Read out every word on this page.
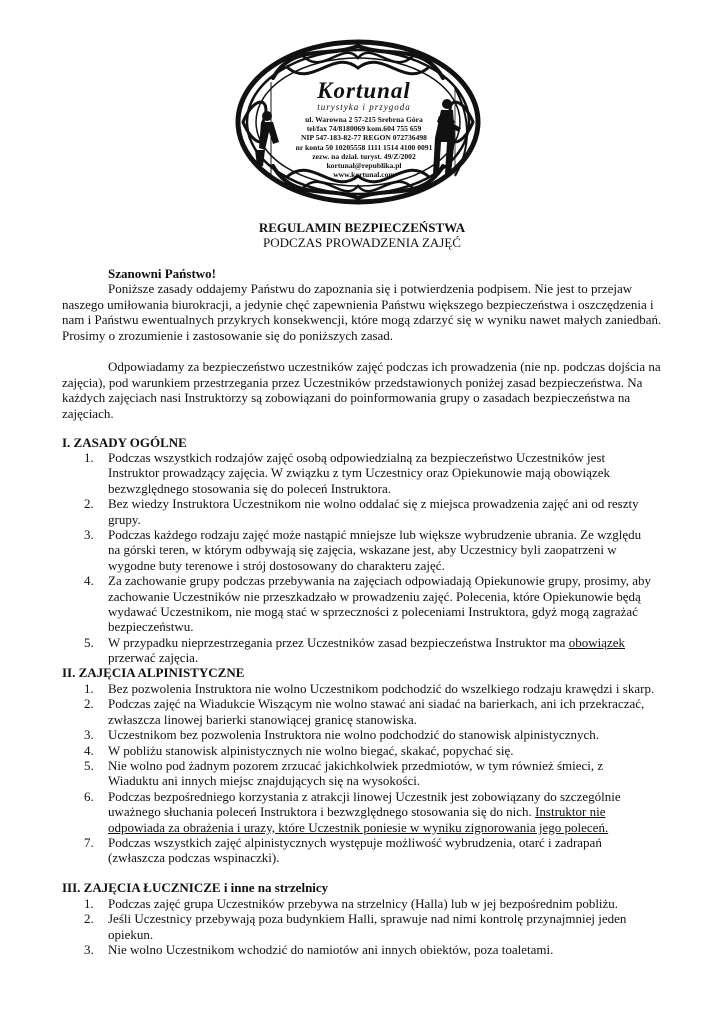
Kortunal
turystyka i przygoda
ul. Warowna 2 57-215 Srebrna Góra
tel/fax 74/8180069 kom.604 755 659
NIP 547-183-82-77 REGON 072736498
nr konta 50 10205558 1111 1514 4100 0091
zezw. na dział. turyst. 49/Z/2002
kortunal@republika.pl
www.kortunal.com
REGULAMIN BEZPIECZEŃSTWA
PODCZAS PROWADZENIA ZAJĘĆ
Szanowni Państwo!
Poniższe zasady oddajemy Państwu do zapoznania się i potwierdzenia podpisem. Nie jest to przejaw naszego umiłowania biurokracji, a jedynie chęć zapewnienia Państwu większego bezpieczeństwa i oszczędzenia i nam i Państwu ewentualnych przykrych konsekwencji, które mogą zdarzyć się w wyniku nawet małych zaniedbań. Prosimy o zrozumienie i zastosowanie się do poniższych zasad.
Odpowiadamy za bezpieczeństwo uczestników zajęć podczas ich prowadzenia (nie np. podczas dojścia na zajęcia), pod warunkiem przestrzegania przez Uczestników przedstawionych poniżej zasad bezpieczeństwa. Na każdych zajęciach nasi Instruktorzy są zobowiązani do poinformowania grupy o zasadach bezpieczeństwa na zajęciach.
I. ZASADY OGÓLNE
1. Podczas wszystkich rodzajów zajęć osobą odpowiedzialną za bezpieczeństwo Uczestników jest Instruktor prowadzący zajęcia. W związku z tym Uczestnicy oraz Opiekunowie mają obowiązek bezwzględnego stosowania się do poleceń Instruktora.
2. Bez wiedzy Instruktora Uczestnikom nie wolno oddalać się z miejsca prowadzenia zajęć ani od reszty grupy.
3. Podczas każdego rodzaju zajęć może nastąpić mniejsze lub większe wybrudzenie ubrania. Ze względu na górski teren, w którym odbywają się zajęcia, wskazane jest, aby Uczestnicy byli zaopatrzeni w wygodne buty terenowe i strój dostosowany do charakteru zajęć.
4. Za zachowanie grupy podczas przebywania na zajęciach odpowiadają Opiekunowie grupy, prosimy, aby zachowanie Uczestników nie przeszkadzało w prowadzeniu zajęć. Polecenia, które Opiekunowie będą wydawać Uczestnikom, nie mogą stać w sprzeczności z poleceniami Instruktora, gdyż mogą zagrażać bezpieczeństwu.
5. W przypadku nieprzestrzegania przez Uczestników zasad bezpieczeństwa Instruktor ma obowiązek przerwać zajęcia.
II. ZAJĘCIA ALPINISTYCZNE
1. Bez pozwolenia Instruktora nie wolno Uczestnikom podchodzić do wszelkiego rodzaju krawędzi i skarp.
2. Podczas zajęć na Wiadukcie Wiszącym nie wolno stawać ani siadać na barierkach, ani ich przekraczać, zwłaszcza linowej barierki stanowiącej granicę stanowiska.
3. Uczestnikom bez pozwolenia Instruktora nie wolno podchodzić do stanowisk alpinistycznych.
4. W pobliżu stanowisk alpinistycznych nie wolno biegać, skakać, popychać się.
5. Nie wolno pod żadnym pozorem zrzucać jakichkolwiek przedmiotów, w tym również śmieci, z Wiaduktu ani innych miejsc znajdujących się na wysokości.
6. Podczas bezpośredniego korzystania z atrakcji linowej Uczestnik jest zobowiązany do szczególnie uważnego słuchania poleceń Instruktora i bezwzględnego stosowania się do nich. Instruktor nie odpowiada za obrażenia i urazy, które Uczestnik poniesie w wyniku zignorowania jego poleceń.
7. Podczas wszystkich zajęć alpinistycznych występuje możliwość wybrudzenia, otarć i zadrapań (zwłaszcza podczas wspinaczki).
III. ZAJĘCIA ŁUCZNICZE i inne na strzelnicy
1. Podczas zajęć grupa Uczestników przebywa na strzelnicy (Halla) lub w jej bezpośrednim pobliżu.
2. Jeśli Uczestnicy przebywają poza budynkiem Halli, sprawuje nad nimi kontrolę przynajmniej jeden opiekun.
3. Nie wolno Uczestnikom wchodzić do namiotów ani innych obiektów, poza toaletami.
